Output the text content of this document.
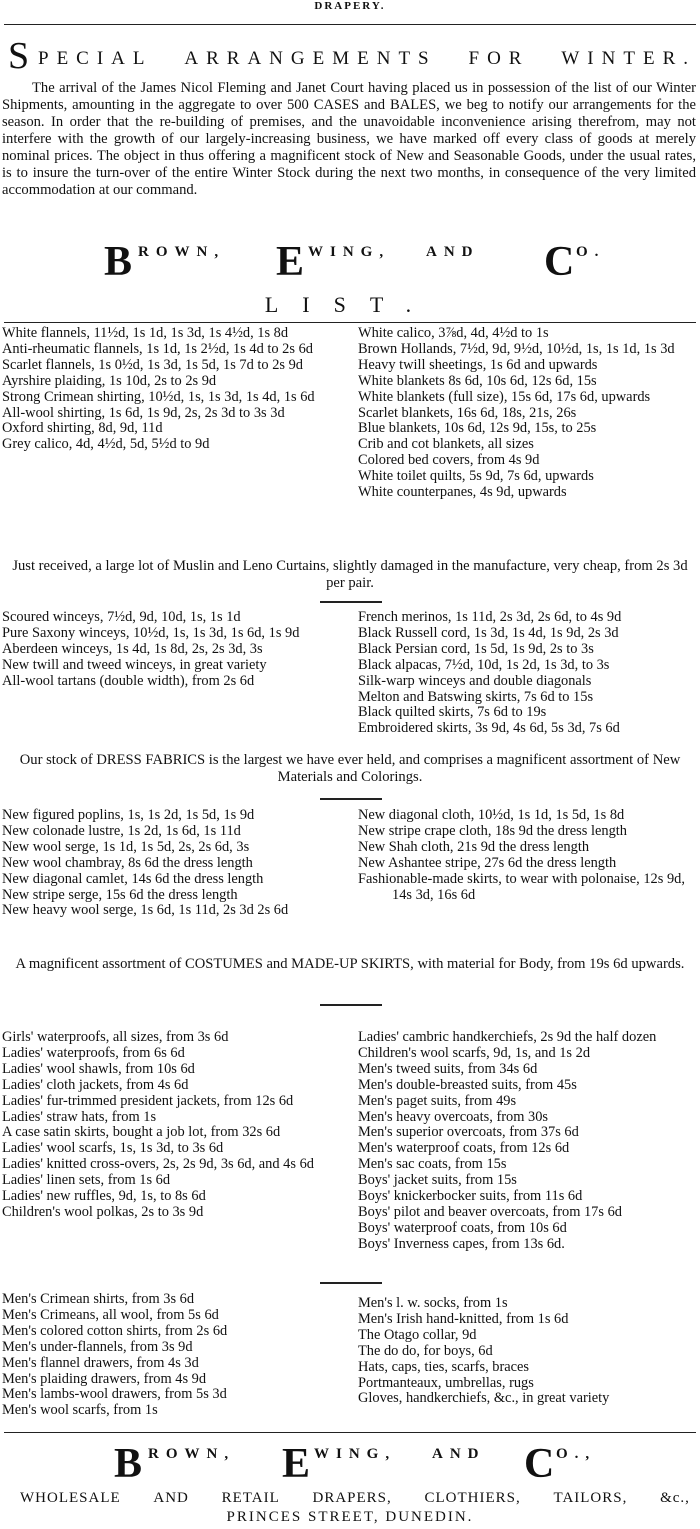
DRAPERY.
S PECIAL ARRANGEMENTS FOR WINTER.
The arrival of the James Nicol Fleming and Janet Court having placed us in possession of the list of our Winter Shipments, amounting in the aggregate to over 500 CASES and BALES, we beg to notify our arrangements for the season. In order that the re-building of premises, and the unavoidable inconvenience arising therefrom, may not interfere with the growth of our largely-increasing business, we have marked off every class of goods at merely nominal prices. The object in thus offering a magnificent stock of New and Seasonable Goods, under the usual rates, is to insure the turn-over of the entire Winter Stock during the next two months, in consequence of the very limited accommodation at our command.
B ROWN, E WING, AND C O.
LIST.
White flannels, 11½d, 1s 1d, 1s 3d, 1s 4½d, 1s 8d
Anti-rheumatic flannels, 1s 1d, 1s 2½d, 1s 4d to 2s 6d
Scarlet flannels, 1s 0½d, 1s 3d, 1s 5d, 1s 7d to 2s 9d
Ayrshire plaiding, 1s 10d, 2s to 2s 9d
Strong Crimean shirting, 10½d, 1s, 1s 3d, 1s 4d, 1s 6d
All-wool shirting, 1s 6d, 1s 9d, 2s, 2s 3d to 3s 3d
Oxford shirting, 8d, 9d, 11d
Grey calico, 4d, 4½d, 5d, 5½d to 9d
White calico, 3⅞d, 4d, 4½d to 1s
Brown Hollands, 7½d, 9d, 9½d, 10½d, 1s, 1s 1d, 1s 3d
Heavy twill sheetings, 1s 6d and upwards
White blankets 8s 6d, 10s 6d, 12s 6d, 15s
White blankets (full size), 15s 6d, 17s 6d, upwards
Scarlet blankets, 16s 6d, 18s, 21s, 26s
Blue blankets, 10s 6d, 12s 9d, 15s, to 25s
Crib and cot blankets, all sizes
Colored bed covers, from 4s 9d
White toilet quilts, 5s 9d, 7s 6d, upwards
White counterpanes, 4s 9d, upwards
Just received, a large lot of Muslin and Leno Curtains, slightly damaged in the manufacture, very cheap, from 2s 3d per pair.
Scoured winceys, 7½d, 9d, 10d, 1s, 1s 1d
Pure Saxony winceys, 10½d, 1s, 1s 3d, 1s 6d, 1s 9d
Aberdeen winceys, 1s 4d, 1s 8d, 2s, 2s 3d, 3s
New twill and tweed winceys, in great variety
All-wool tartans (double width), from 2s 6d
French merinos, 1s 11d, 2s 3d, 2s 6d, to 4s 9d
Black Russell cord, 1s 3d, 1s 4d, 1s 9d, 2s 3d
Black Persian cord, 1s 5d, 1s 9d, 2s to 3s
Black alpacas, 7½d, 10d, 1s 2d, 1s 3d, to 3s
Silk-warp winceys and double diagonals
Melton and Batswing skirts, 7s 6d to 15s
Black quilted skirts, 7s 6d to 19s
Embroidered skirts, 3s 9d, 4s 6d, 5s 3d, 7s 6d
Our stock of DRESS FABRICS is the largest we have ever held, and comprises a magnificent assortment of New Materials and Colorings.
New figured poplins, 1s, 1s 2d, 1s 5d, 1s 9d
New colonade lustre, 1s 2d, 1s 6d, 1s 11d
New wool serge, 1s 1d, 1s 5d, 2s, 2s 6d, 3s
New wool chambray, 8s 6d the dress length
New diagonal camlet, 14s 6d the dress length
New stripe serge, 15s 6d the dress length
New heavy wool serge, 1s 6d, 1s 11d, 2s 3d 2s 6d
New diagonal cloth, 10½d, 1s 1d, 1s 5d, 1s 8d
New stripe crape cloth, 18s 9d the dress length
New Shah cloth, 21s 9d the dress length
New Ashantee stripe, 27s 6d the dress length
Fashionable-made skirts, to wear with polonaise, 12s 9d, 14s 3d, 16s 6d
A magnificent assortment of COSTUMES and MADE-UP SKIRTS, with material for Body, from 19s 6d upwards.
Girls' waterproofs, all sizes, from 3s 6d
Ladies' waterproofs, from 6s 6d
Ladies' wool shawls, from 10s 6d
Ladies' cloth jackets, from 4s 6d
Ladies' fur-trimmed president jackets, from 12s 6d
Ladies' straw hats, from 1s
A case satin skirts, bought a job lot, from 32s 6d
Ladies' wool scarfs, 1s, 1s 3d, to 3s 6d
Ladies' knitted cross-overs, 2s, 2s 9d, 3s 6d, and 4s 6d
Ladies' linen sets, from 1s 6d
Ladies' new ruffles, 9d, 1s, to 8s 6d
Children's wool polkas, 2s to 3s 9d
Ladies' cambric handkerchiefs, 2s 9d the half dozen
Children's wool scarfs, 9d, 1s, and 1s 2d
Men's tweed suits, from 34s 6d
Men's double-breasted suits, from 45s
Men's paget suits, from 49s
Men's heavy overcoats, from 30s
Men's superior overcoats, from 37s 6d
Men's waterproof coats, from 12s 6d
Men's sac coats, from 15s
Boys' jacket suits, from 15s
Boys' knickerbocker suits, from 11s 6d
Boys' pilot and beaver overcoats, from 17s 6d
Boys' waterproof coats, from 10s 6d
Boys' Inverness capes, from 13s 6d.
Men's Crimean shirts, from 3s 6d
Men's Crimeans, all wool, from 5s 6d
Men's colored cotton shirts, from 2s 6d
Men's under-flannels, from 3s 9d
Men's flannel drawers, from 4s 3d
Men's plaiding drawers, from 4s 9d
Men's lambs-wool drawers, from 5s 3d
Men's wool scarfs, from 1s
Men's l. w. socks, from 1s
Men's Irish hand-knitted, from 1s 6d
The Otago collar, 9d
The do do, for boys, 6d
Hats, caps, ties, scarfs, braces
Portmanteaux, umbrellas, rugs
Gloves, handkerchiefs, &c., in great variety
B ROWN, E WING, AND C O.,
WHOLESALE AND RETAIL DRAPERS, CLOTHIERS, TAILORS, &c.,
PRINCES STREET, DUNEDIN.
